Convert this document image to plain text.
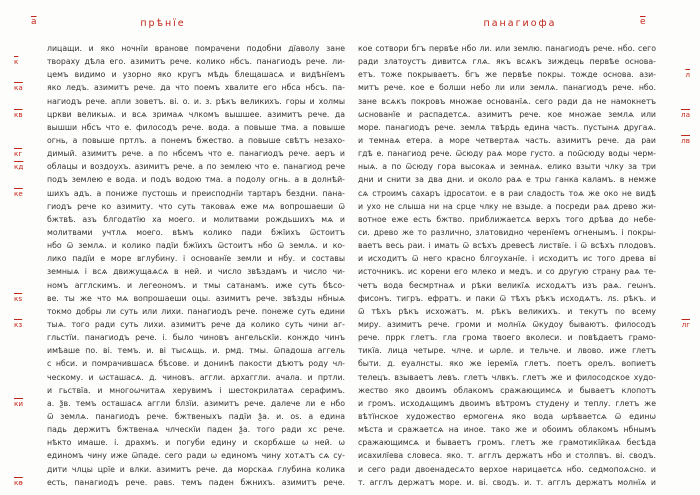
а	прѣнїе
лицащи. и яко ночнїи вранове помрачени подобни дїаволу зане
твораху дѣла его. азимитъ рече. колико нбсъ. панагиодъ рече. ли-
цемъ видимо и узорно яко кругъ мѣдь блещашасѧ и видѣнїемъ
яко ледъ. азимитъ рече. да что поемъ хвалите его нбса нбсъ. па-
нагиодъ рече. апли зоветъ. ві. о. и. з. рѣкъ великихъ. горы и холмы
цркви великыѧ. и всѧ зримаѧ члкомъ вышшее. азимитъ рече. да
вышши нбсъ что е. филосодъ рече. вода. а повыше тма. а повыше
огнь, а повыше пртлъ. а понемъ бжество. а повыше свѣтъ незахо-
димый. азимитъ рече. а по нбсемъ что е. панагиодъ рече. аеръ и
облацы и воздоухъ. азимитъ рече. а по землею что е. панагиод рече
подъ землею е вода. и подъ водою тма. а подолу огнь. а в долнѣй-
шихъ адъ. а пониже пустошь и преисподнїи тартаръ бездни. пана-
гиодъ рече ко азимиту. что суть таковаѧ еже мѧ вопрошаеши ѿ
бжтвѣ. азъ блгодатїю ха моего. и молитвами рождьшихъ мѧ и
молитвами учтлѧ моего. вѣмъ колико пади бжїихъ ѿстоитъ
нбо ѿ землѧ. и колико падїи бжїихъ ѿстоитъ нбо ѿ землѧ. и ко-
лико падїи е море вглубину. і основанїе земли и нбу. и составы
земныѧ і всѧ движущаѧсѧ в ней. и число звѣздамъ и число чи-
номъ агглскимъ. и легеономъ. и тмы сатанамъ. иже суть бѣсо-
ве. ты же что мѧ вопрошаеши оцы. азимитъ рече. звѣзды нбныѧ
токмо добры ли суть или лихи. панагиодъ рече. понеже суть едини
тыѧ. того ради суть лихи. азимитъ рече да колико суть чини аг-
гльстїи. панагиодъ рече. і. было чиновъ ангельскїи. конждо чинъ
имѣаше по. ві. темъ. и. ві тысѧщь. и. рмд. тмы. ѿпадоша аггель
с нбси. и помрачившасѧ бѣсове. и донинѣ пакости дѣютъ роду чл-
ческому. и ѡсташасѧ. д. чиновъ. аггли. архаггли. ачала. и пртли.
и гьствїа. и многоѡчитаѧ херувимъ і шестокрилатаѧ серафимъ.
а. ѯв. темъ осташасѧ аггли блзїи. азимитъ рече. далече ли е нбо
ѿ землѧ. панагиодъ рече. бжтвеныхъ падїи ѯа. и. оѕ. а едина
падь держитъ бжтвенаѧ члческїи паден ѯа. того ради хс рече.
нѣкто имаше. і. драхмъ. и погуби едину и скорбѧше ѡ ней. ѡ
единомъ чину иже ѿпаде. сего ради ѡ единомъ чину хотѧтъ сѧ су-
дити члцы црїе и влки. азимитъ рече. да морскаѧ глубина колика
есть, панагиодъ рече. равѕ. темъ паден бжнихъ. азимитъ рече.
к
ка
кв
кг
кд
ке
кѕ
кз
ки
кѳ
панагиофа	е
кое сотвори бгъ первѣе нбо ли. или землю. панагиодъ рече. нбо. сего
ради златоустъ дивитсѧ глѧ. якъ всѧкъ зиждець первѣе основа-
етъ. тоже покрываетъ. бгъ же первѣе покры. тожде основа. ази-
митъ рече. кое е болши небо ли или землѧ. панагиодъ рече. нбо.
зане всѧкъ покровъ множае основанїѧ. сего ради да не намокнетъ
ѡснованїе и распадетсѧ. азимитъ рече. кое множае землѧ или
море. панагиодъ рече. землѧ твѣрдь едина часть. пустынѧ другаѧ.
и темнаѧ етера. а море четвертаѧ часть. азимитъ рече. да раи
гдѣ е. панагиод рече. ѿсюду раѧ море густо. а поѿсюду воды черм-
ныѧ. а по ѿсюду гора высокаѧ и земнаѧ. елико взыти члку за три
дни и снити за два дни. и около раѧ е трѡ ганка каламъ. в немже
сѧ строимъ сахаръ ідросатои. е в раи сладость тоѧ же око не видѣ
и ухо не слыша ни на срце члку не взыде. а посреди раѧ древо жи-
вотное еже есть бжтво. приближаетсѧ верхъ того дрѣва до небе-
си. древо же то различно, златовидно черенїемъ огненымъ. і покры-
ваетъ весь раи. і имать ѿ всѣхъ древесѣ листвїе. і ѿ всѣхъ плодовъ.
и исходитъ ѿ него красно блгоуханїе. і исходитъ ис того древа ві
источникъ. ис корени его млеко и медъ. и со другую страну раѧ те-
четъ вода бесмртнаѧ и рѣки великїѧ исходѧтъ изъ раѧ. геѡнъ.
фисонъ. тигръ. ефратъ. и паки ѿ тѣхъ рѣкъ исходѧтъ. лѕ. рѣкъ. и
ѿ тѣхъ рѣкъ исхожатъ. м. рѣкъ великихъ. и текутъ по всему
миру. азимитъ рече. громи и молнїѧ ѿкудоу бываютъ. филосодъ
рече. пррк глетъ. гла грома твоего вколеси. и повѣдаетъ грамо-
тикїа. лица четыре. члче. и ѡрле. и тельче. и лвово. иже глетъ
быти. д. еуалнсты. яко же іеремїѧ глетъ. поетъ орелъ. вопиетъ
телецъ. взываетъ левъ. глетъ члвкъ. глетъ же и филосодское худо-
жество яко двоимъ облакомъ сражающимсѧ и бываетъ клопотъ
и громъ. исходѧщимъ двоимъ вѣтромъ студену и теплу. глетъ же
вѣтїнское художество ермогенѧ яко вода ѡрѣваетсѧ ѿ единѡ
мѣста и сражаетсѧ на иное. тако же и обоимъ облакомъ нбнымъ
сражающимсѧ и бываетъ громъ. глетъ же грамотикїйкаѧ бесѣда
исахилїева словеса. яко. т. агглъ держатъ нбо и столпвъ. ві. сводъ.
и сего ради двоенадесѧто верхое нарицаетсѧ нбо. седмопоѧсно. и
т. агглъ держатъ море. и. ві. сводъ. и. т. агглъ держатъ молнїѧ и
л
ла
лв
лг
